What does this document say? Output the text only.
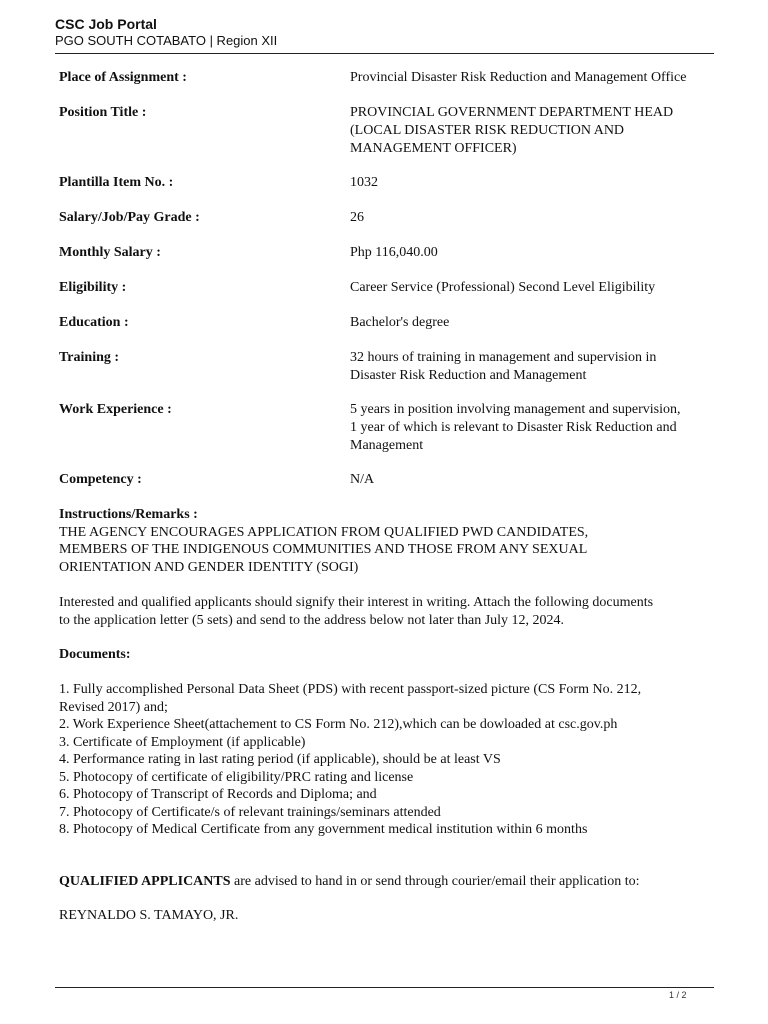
CSC Job Portal
PGO SOUTH COTABATO | Region XII
Place of Assignment :	Provincial Disaster Risk Reduction and Management Office
Position Title :	PROVINCIAL GOVERNMENT DEPARTMENT HEAD
(LOCAL DISASTER RISK REDUCTION AND
MANAGEMENT OFFICER)
Plantilla Item No. :	1032
Salary/Job/Pay Grade :	26
Monthly Salary :	Php 116,040.00
Eligibility :	Career Service (Professional) Second Level Eligibility
Education :	Bachelor's degree
Training :	32 hours of training in management and supervision in
Disaster Risk Reduction and Management
Work Experience :	5 years in position involving management and supervision,
1 year of which is relevant to Disaster Risk Reduction and
Management
Competency :	N/A
Instructions/Remarks :
THE AGENCY ENCOURAGES APPLICATION FROM QUALIFIED PWD CANDIDATES,
MEMBERS OF THE INDIGENOUS COMMUNITIES AND THOSE FROM ANY SEXUAL
ORIENTATION AND GENDER IDENTITY (SOGI)
Interested and qualified applicants should signify their interest in writing. Attach the following documents
to the application letter (5 sets) and send to the address below not later than July 12, 2024.
Documents:
1. Fully accomplished Personal Data Sheet (PDS) with recent passport-sized picture (CS Form No. 212,
Revised 2017) and;
2. Work Experience Sheet(attachement to CS Form No. 212),which can be dowloaded at csc.gov.ph
3. Certificate of Employment (if applicable)
4. Performance rating in last rating period (if applicable), should be at least VS
5. Photocopy of certificate of eligibility/PRC rating and license
6. Photocopy of Transcript of Records and Diploma; and
7. Photocopy of Certificate/s of relevant trainings/seminars attended
8. Photocopy of Medical Certificate from any government medical institution within 6 months
QUALIFIED APPLICANTS are advised to hand in or send through courier/email their application to:
REYNALDO S. TAMAYO, JR.
1 / 2
